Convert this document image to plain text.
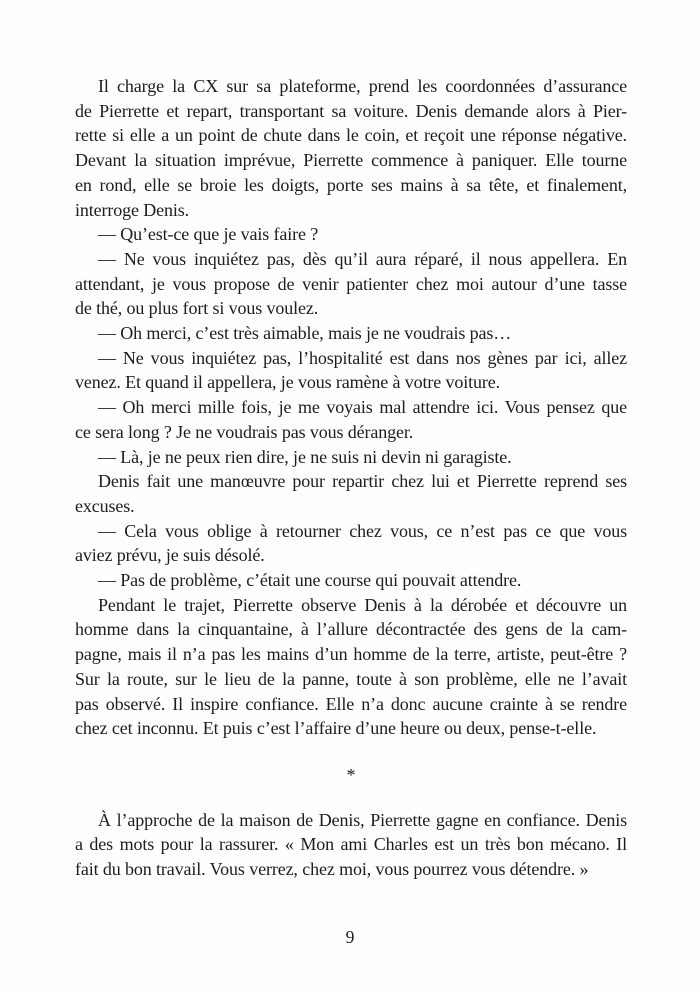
Il charge la CX sur sa plateforme, prend les coordonnées d’assurance
de Pierrette et repart, transportant sa voiture. Denis demande alors à Pier-
rette si elle a un point de chute dans le coin, et reçoit une réponse négative.
Devant la situation imprévue, Pierrette commence à paniquer. Elle tourne
en rond, elle se broie les doigts, porte ses mains à sa tête, et finalement,
interroge Denis.

— Qu’est-ce que je vais faire ?

— Ne vous inquiétez pas, dès qu’il aura réparé, il nous appellera. En
attendant, je vous propose de venir patienter chez moi autour d’une tasse
de thé, ou plus fort si vous voulez.

— Oh merci, c’est très aimable, mais je ne voudrais pas…

— Ne vous inquiétez pas, l’hospitalité est dans nos gènes par ici, allez
venez. Et quand il appellera, je vous ramène à votre voiture.

— Oh merci mille fois, je me voyais mal attendre ici. Vous pensez que
ce sera long ? Je ne voudrais pas vous déranger.

— Là, je ne peux rien dire, je ne suis ni devin ni garagiste.

Denis fait une manœuvre pour repartir chez lui et Pierrette reprend ses
excuses.

— Cela vous oblige à retourner chez vous, ce n’est pas ce que vous
aviez prévu, je suis désolé.

— Pas de problème, c’était une course qui pouvait attendre.

Pendant le trajet, Pierrette observe Denis à la dérobée et découvre un
homme dans la cinquantaine, à l’allure décontractée des gens de la cam-
pagne, mais il n’a pas les mains d’un homme de la terre, artiste, peut-être ?
Sur la route, sur le lieu de la panne, toute à son problème, elle ne l’avait
pas observé. Il inspire confiance. Elle n’a donc aucune crainte à se rendre
chez cet inconnu. Et puis c’est l’affaire d’une heure ou deux, pense-t-elle.

*

À l’approche de la maison de Denis, Pierrette gagne en confiance. Denis
a des mots pour la rassurer. « Mon ami Charles est un très bon mécano. Il
fait du bon travail. Vous verrez, chez moi, vous pourrez vous détendre. »

9
